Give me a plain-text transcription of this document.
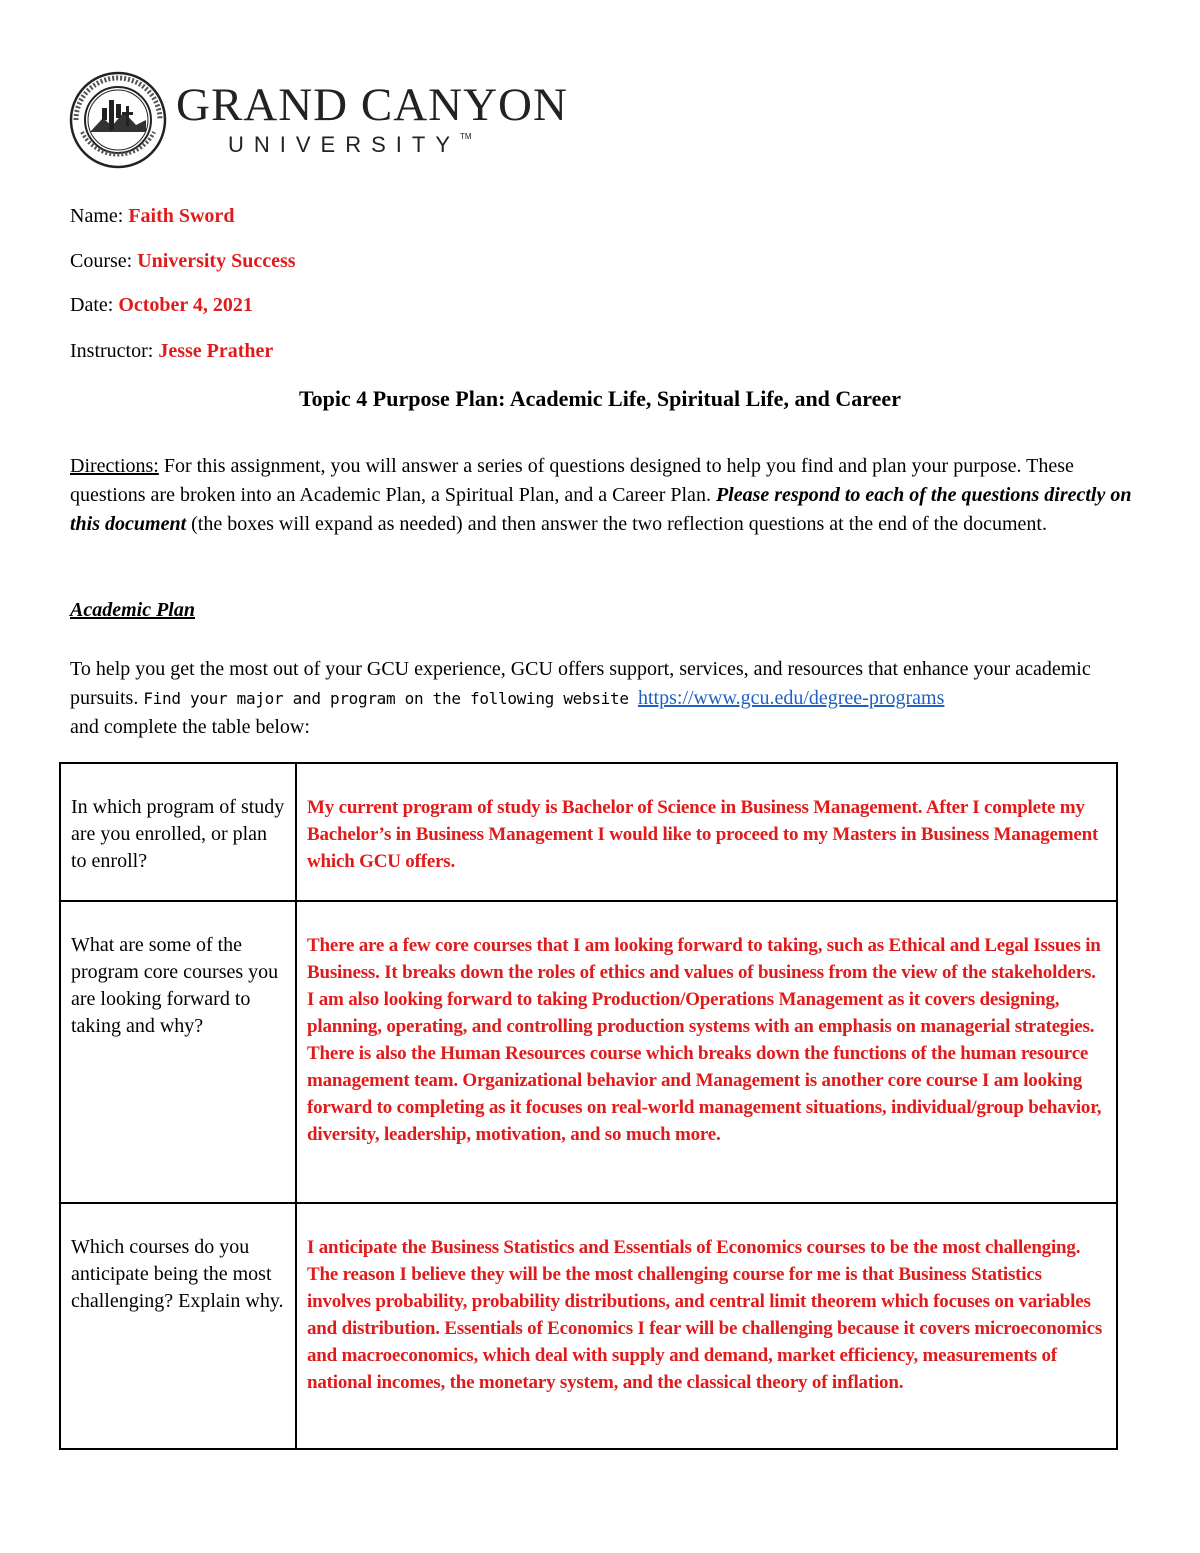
GRAND CANYON
UNIVERSITY™
Name: Faith Sword
Course: University Success
Date: October 4, 2021
Instructor: Jesse Prather
Topic 4 Purpose Plan: Academic Life, Spiritual Life, and Career
Directions: For this assignment, you will answer a series of questions designed to help you find and plan your purpose. These questions are broken into an Academic Plan, a Spiritual Plan, and a Career Plan. Please respond to each of the questions directly on this document (the boxes will expand as needed) and then answer the two reflection questions at the end of the document.
Academic Plan
To help you get the most out of your GCU experience, GCU offers support, services, and resources that enhance your academic pursuits. Find your major and program on the following website https://www.gcu.edu/degree-programs
and complete the table below:
In which program of study are you enrolled, or plan to enroll?	My current program of study is Bachelor of Science in Business Management. After I complete my Bachelor’s in Business Management I would like to proceed to my Masters in Business Management which GCU offers.
What are some of the program core courses you are looking forward to taking and why?	There are a few core courses that I am looking forward to taking, such as Ethical and Legal Issues in Business. It breaks down the roles of ethics and values of business from the view of the stakeholders. I am also looking forward to taking Production/Operations Management as it covers designing, planning, operating, and controlling production systems with an emphasis on managerial strategies. There is also the Human Resources course which breaks down the functions of the human resource management team. Organizational behavior and Management is another core course I am looking forward to completing as it focuses on real-world management situations, individual/group behavior, diversity, leadership, motivation, and so much more.
Which courses do you anticipate being the most challenging? Explain why.	I anticipate the Business Statistics and Essentials of Economics courses to be the most challenging. The reason I believe they will be the most challenging course for me is that Business Statistics involves probability, probability distributions, and central limit theorem which focuses on variables and distribution. Essentials of Economics I fear will be challenging because it covers microeconomics and macroeconomics, which deal with supply and demand, market efficiency, measurements of national incomes, the monetary system, and the classical theory of inflation.
